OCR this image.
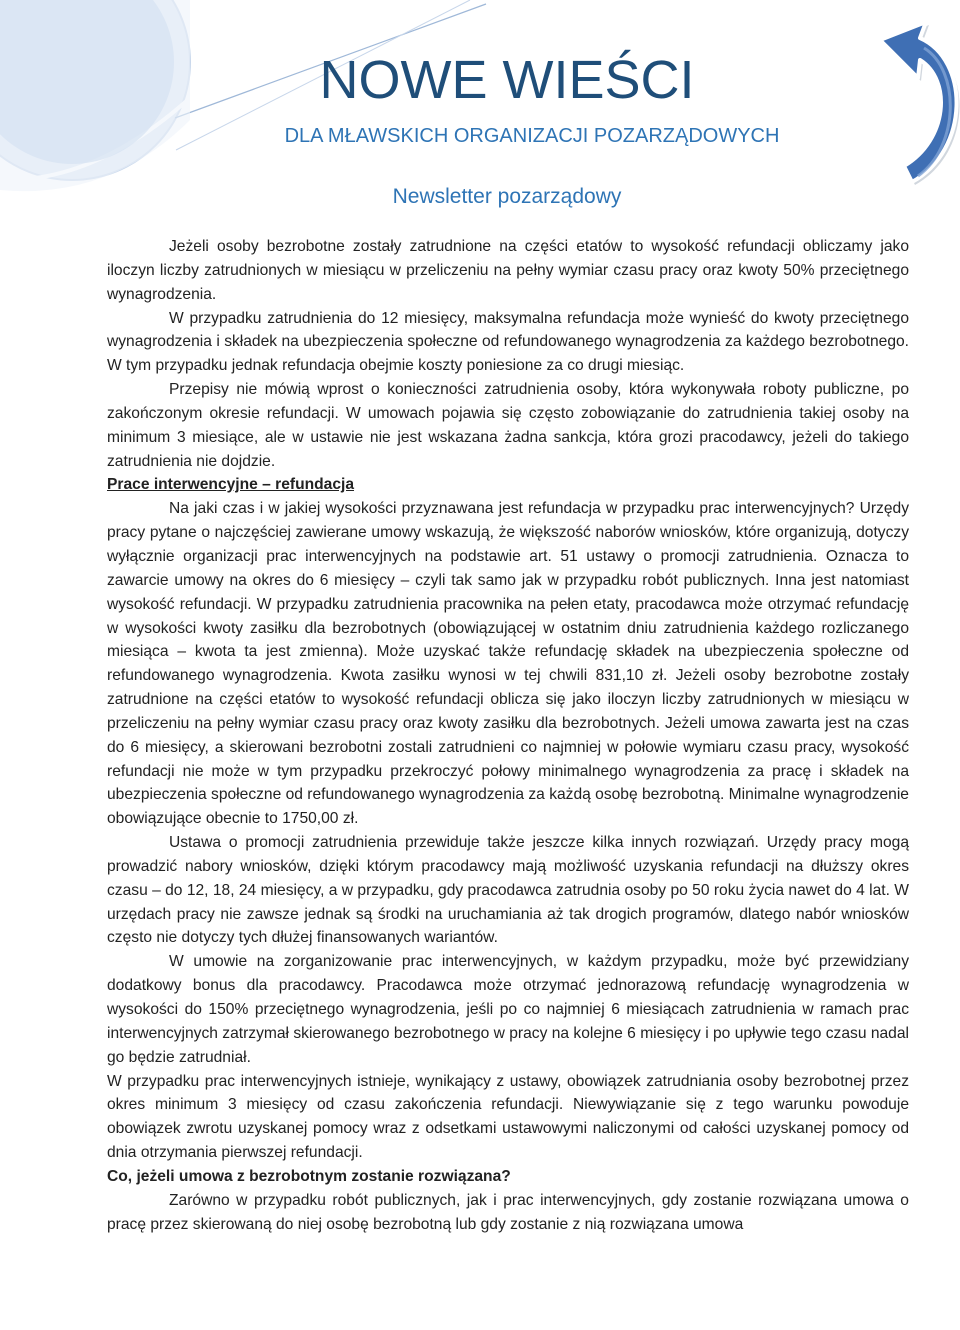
NOWE WIEŚCI
DLA MŁAWSKICH ORGANIZACJI POZARZĄDOWYCH
Newsletter pozarządowy

Jeżeli osoby bezrobotne zostały zatrudnione na części etatów to wysokość refundacji obliczamy jako iloczyn liczby zatrudnionych w miesiącu w przeliczeniu na pełny wymiar czasu pracy oraz kwoty 50% przeciętnego wynagrodzenia.

W przypadku zatrudnienia do 12 miesięcy, maksymalna refundacja może wynieść do kwoty przeciętnego wynagrodzenia i składek na ubezpieczenia społeczne od refundowanego wynagrodzenia za każdego bezrobotnego. W tym przypadku jednak refundacja obejmie koszty poniesione za co drugi miesiąc.

Przepisy nie mówią wprost o konieczności zatrudnienia osoby, która wykonywała roboty publiczne, po zakończonym okresie refundacji. W umowach pojawia się często zobowiązanie do zatrudnienia takiej osoby na minimum 3 miesiące, ale w ustawie nie jest wskazana żadna sankcja, która grozi pracodawcy, jeżeli do takiego zatrudnienia nie dojdzie.

Prace interwencyjne – refundacja

Na jaki czas i w jakiej wysokości przyznawana jest refundacja w przypadku prac interwencyjnych? Urzędy pracy pytane o najczęściej zawierane umowy wskazują, że większość naborów wniosków, które organizują, dotyczy wyłącznie organizacji prac interwencyjnych na podstawie art. 51 ustawy o promocji zatrudnienia. Oznacza to zawarcie umowy na okres do 6 miesięcy – czyli tak samo jak w przypadku robót publicznych. Inna jest natomiast wysokość refundacji. W przypadku zatrudnienia pracownika na pełen etaty, pracodawca może otrzymać refundację w wysokości kwoty zasiłku dla bezrobotnych (obowiązującej w ostatnim dniu zatrudnienia każdego rozliczanego miesiąca – kwota ta jest zmienna). Może uzyskać także refundację składek na ubezpieczenia społeczne od refundowanego wynagrodzenia. Kwota zasiłku wynosi w tej chwili 831,10 zł. Jeżeli osoby bezrobotne zostały zatrudnione na części etatów to wysokość refundacji oblicza się jako iloczyn liczby zatrudnionych w miesiącu w przeliczeniu na pełny wymiar czasu pracy oraz kwoty zasiłku dla bezrobotnych. Jeżeli umowa zawarta jest na czas do 6 miesięcy, a skierowani bezrobotni zostali zatrudnieni co najmniej w połowie wymiaru czasu pracy, wysokość refundacji nie może w tym przypadku przekroczyć połowy minimalnego wynagrodzenia za pracę i składek na ubezpieczenia społeczne od refundowanego wynagrodzenia za każdą osobę bezrobotną. Minimalne wynagrodzenie obowiązujące obecnie to 1750,00 zł.

Ustawa o promocji zatrudnienia przewiduje także jeszcze kilka innych rozwiązań. Urzędy pracy mogą prowadzić nabory wniosków, dzięki którym pracodawcy mają możliwość uzyskania refundacji na dłuższy okres czasu – do 12, 18, 24 miesięcy, a w przypadku, gdy pracodawca zatrudnia osoby po 50 roku życia nawet do 4 lat. W urzędach pracy nie zawsze jednak są środki na uruchamiania aż tak drogich programów, dlatego nabór wniosków często nie dotyczy tych dłużej finansowanych wariantów.

W umowie na zorganizowanie prac interwencyjnych, w każdym przypadku, może być przewidziany dodatkowy bonus dla pracodawcy. Pracodawca może otrzymać jednorazową refundację wynagrodzenia w wysokości do 150% przeciętnego wynagrodzenia, jeśli po co najmniej 6 miesiącach zatrudnienia w ramach prac interwencyjnych zatrzymał skierowanego bezrobotnego w pracy na kolejne 6 miesięcy i po upływie tego czasu nadal go będzie zatrudniał.

W przypadku prac interwencyjnych istnieje, wynikający z ustawy, obowiązek zatrudniania osoby bezrobotnej przez okres minimum 3 miesięcy od czasu zakończenia refundacji. Niewywiązanie się z tego warunku powoduje obowiązek zwrotu uzyskanej pomocy wraz z odsetkami ustawowymi naliczonymi od całości uzyskanej pomocy od dnia otrzymania pierwszej refundacji.

Co, jeżeli umowa z bezrobotnym zostanie rozwiązana?

Zarówno w przypadku robót publicznych, jak i prac interwencyjnych, gdy zostanie rozwiązana umowa o pracę przez skierowaną do niej osobę bezrobotną lub gdy zostanie z nią rozwiązana umowa
